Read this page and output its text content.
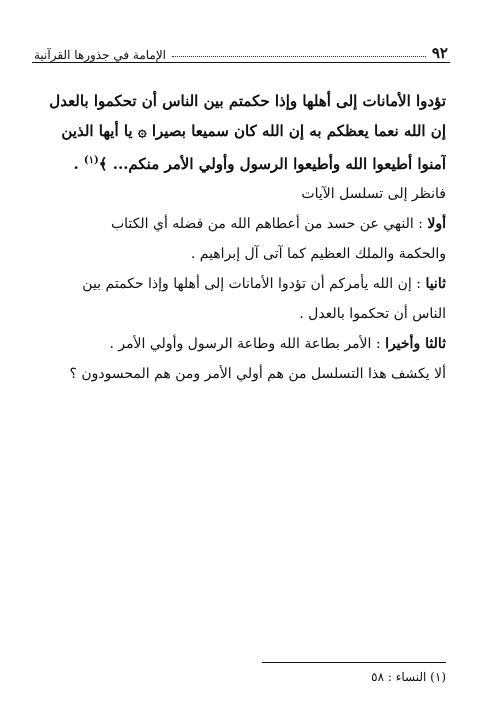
٩٢
الإمامة في جذورها القرآنية

تؤدوا الأمانات إلى أهلها وإذا حكمتم بين الناس أن تحكموا بالعدل

إن الله نعما يعظكم به إن الله كان سميعا بصيرا ۞ يا أيها الذين

آمنوا أطيعوا الله وأطيعوا الرسول وأولي الأمر منكم... ﴾$^{(١)}$ .

فانظر إلى تسلسل الآيات

أولا : النهي عن حسد من أعطاهم الله من فضله أي الكتاب

والحكمة والملك العظيم كما آتى آل إبراهيم .

ثانيا : إن الله يأمركم أن تؤدوا الأمانات إلى أهلها وإذا حكمتم بين

الناس أن تحكموا بالعدل .

ثالثا وأخيرا : الأمر بطاعة الله وطاعة الرسول وأولي الأمر .

ألا يكشف هذا التسلسل من هم أولي الأمر ومن هم المحسودون ؟

(١) النساء : ٥٨
